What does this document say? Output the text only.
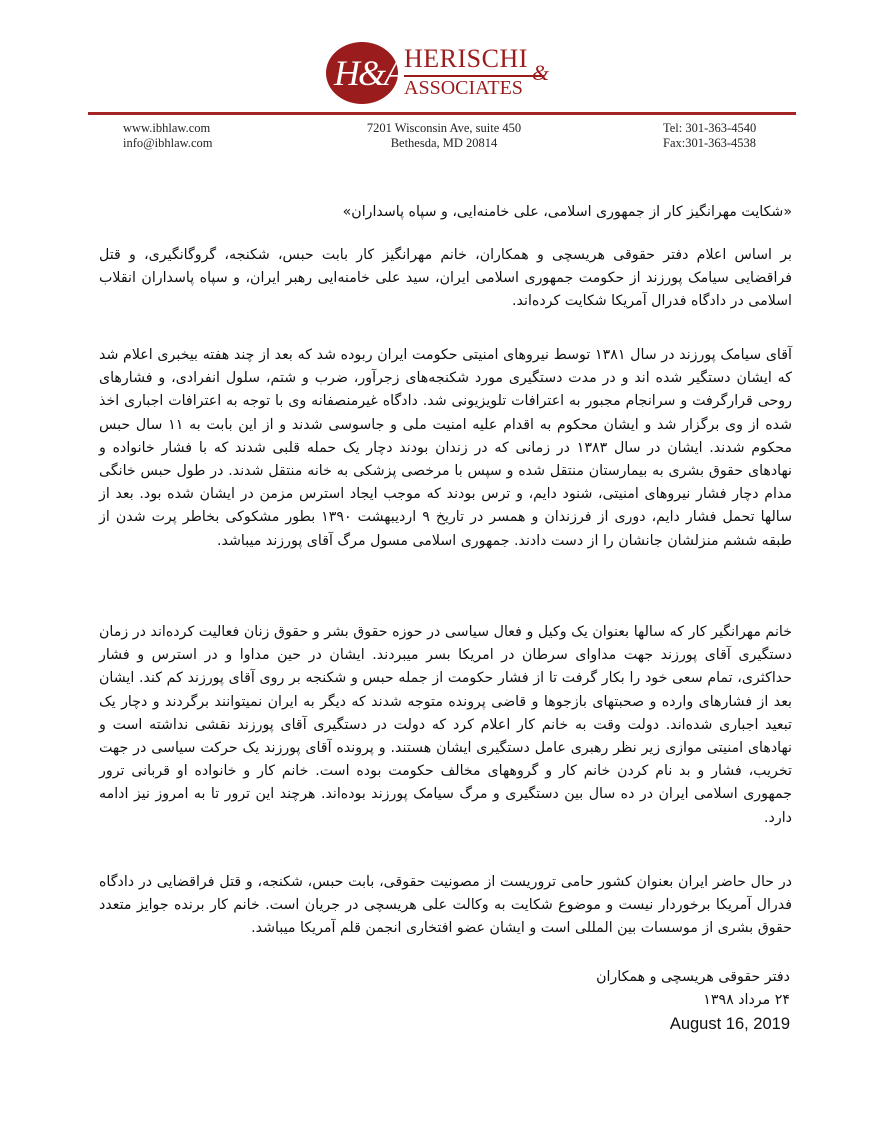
H&A HERISCHI
ASSOCIATES
&
www.ibhlaw.com
info@ibhlaw.com
7201 Wisconsin Ave, suite 450
Bethesda, MD 20814
Tel: 301-363-4540
Fax:301-363-4538

«شکایت مهرانگیز کار از جمهوری اسلامی، علی خامنه‌ایی، و سپاه پاسداران»

بر اساس اعلام دفتر حقوقی هریسچی و همکاران، خانم مهرانگیز کار بابت حبس، شکنجه، گروگانگیری، و قتل فراقضایی سیامک پورزند از حکومت جمهوری اسلامی ایران، سید علی خامنه‌ایی رهبر ایران، و سپاه پاسداران انقلاب اسلامی در دادگاه فدرال آمریکا شکایت کرده‌اند.

آقای سیامک پورزند در سال ۱۳۸۱ توسط نیروهای امنیتی حکومت ایران ربوده شد که بعد از چند هفته بیخبری اعلام شد که ایشان دستگیر شده اند و در مدت دستگیری مورد شکنجه‌های زجرآور، ضرب و شتم، سلول انفرادی، و فشارهای روحی قرارگرفت و سرانجام مجبور به اعترافات تلویزیونی شد. دادگاه غیرمنصفانه وی با توجه به اعترافات اجباری اخذ شده از وی برگزار شد و ایشان محکوم به اقدام علیه امنیت ملی و جاسوسی شدند و از این بابت به ۱۱ سال حبس محکوم شدند. ایشان در سال ۱۳۸۳ در زمانی که در زندان بودند دچار یک حمله قلبی شدند که با فشار خانواده و نهادهای حقوق بشری به بیمارستان منتقل شده و سپس با مرخصی پزشکی به خانه منتقل شدند. در طول حبس خانگی مدام دچار فشار نیروهای امنیتی، شنود دایم، و ترس بودند که موجب ایجاد استرس مزمن در ایشان شده بود. بعد از سالها تحمل فشار دایم، دوری از فرزندان و همسر در تاریخ ۹ اردیبهشت ۱۳۹۰ بطور مشکوکی بخاطر پرت شدن از طبقه ششم منزلشان جانشان را از دست دادند. جمهوری اسلامی مسول مرگ آقای پورزند میباشد.

خانم مهرانگیر کار که سالها بعنوان یک وکیل و فعال سیاسی در حوزه حقوق بشر و حقوق زنان فعالیت کرده‌اند در زمان دستگیری آقای پورزند جهت مداوای سرطان در امریکا بسر میبردند. ایشان در حین مداوا و در استرس و فشار حداکثری، تمام سعی خود را بکار گرفت تا از فشار حکومت از جمله حبس و شکنجه بر روی آقای پورزند کم کند. ایشان بعد از فشارهای وارده و صحبتهای بازجوها و قاضی پرونده متوجه شدند که دیگر به ایران نمیتوانند برگردند و دچار یک تبعید اجباری شده‌اند. دولت وقت به خانم کار اعلام کرد که دولت در دستگیری آقای پورزند نقشی نداشته است و نهادهای امنیتی موازی زیر نظر رهبری عامل دستگیری ایشان هستند. و پرونده آقای پورزند یک حرکت سیاسی در جهت تخریب، فشار و بد نام کردن خانم کار و گروههای مخالف حکومت بوده است. خانم کار و خانواده او قربانی ترور جمهوری اسلامی ایران در ده سال بین دستگیری و مرگ سیامک پورزند بوده‌اند. هرچند این ترور تا به امروز نیز ادامه دارد.

در حال حاضر ایران بعنوان کشور حامی تروریست از مصونیت حقوقی، بابت حبس، شکنجه، و قتل فراقضایی در دادگاه فدرال آمریکا برخوردار نیست و موضوع شکایت به وکالت علی هریسچی در جریان است. خانم کار برنده جوایز متعدد حقوق بشری از موسسات بین المللی است و ایشان عضو افتخاری انجمن قلم آمریکا میباشد.

دفتر حقوقی هریسچی و همکاران
۲۴ مرداد ۱۳۹۸
August 16, 2019
